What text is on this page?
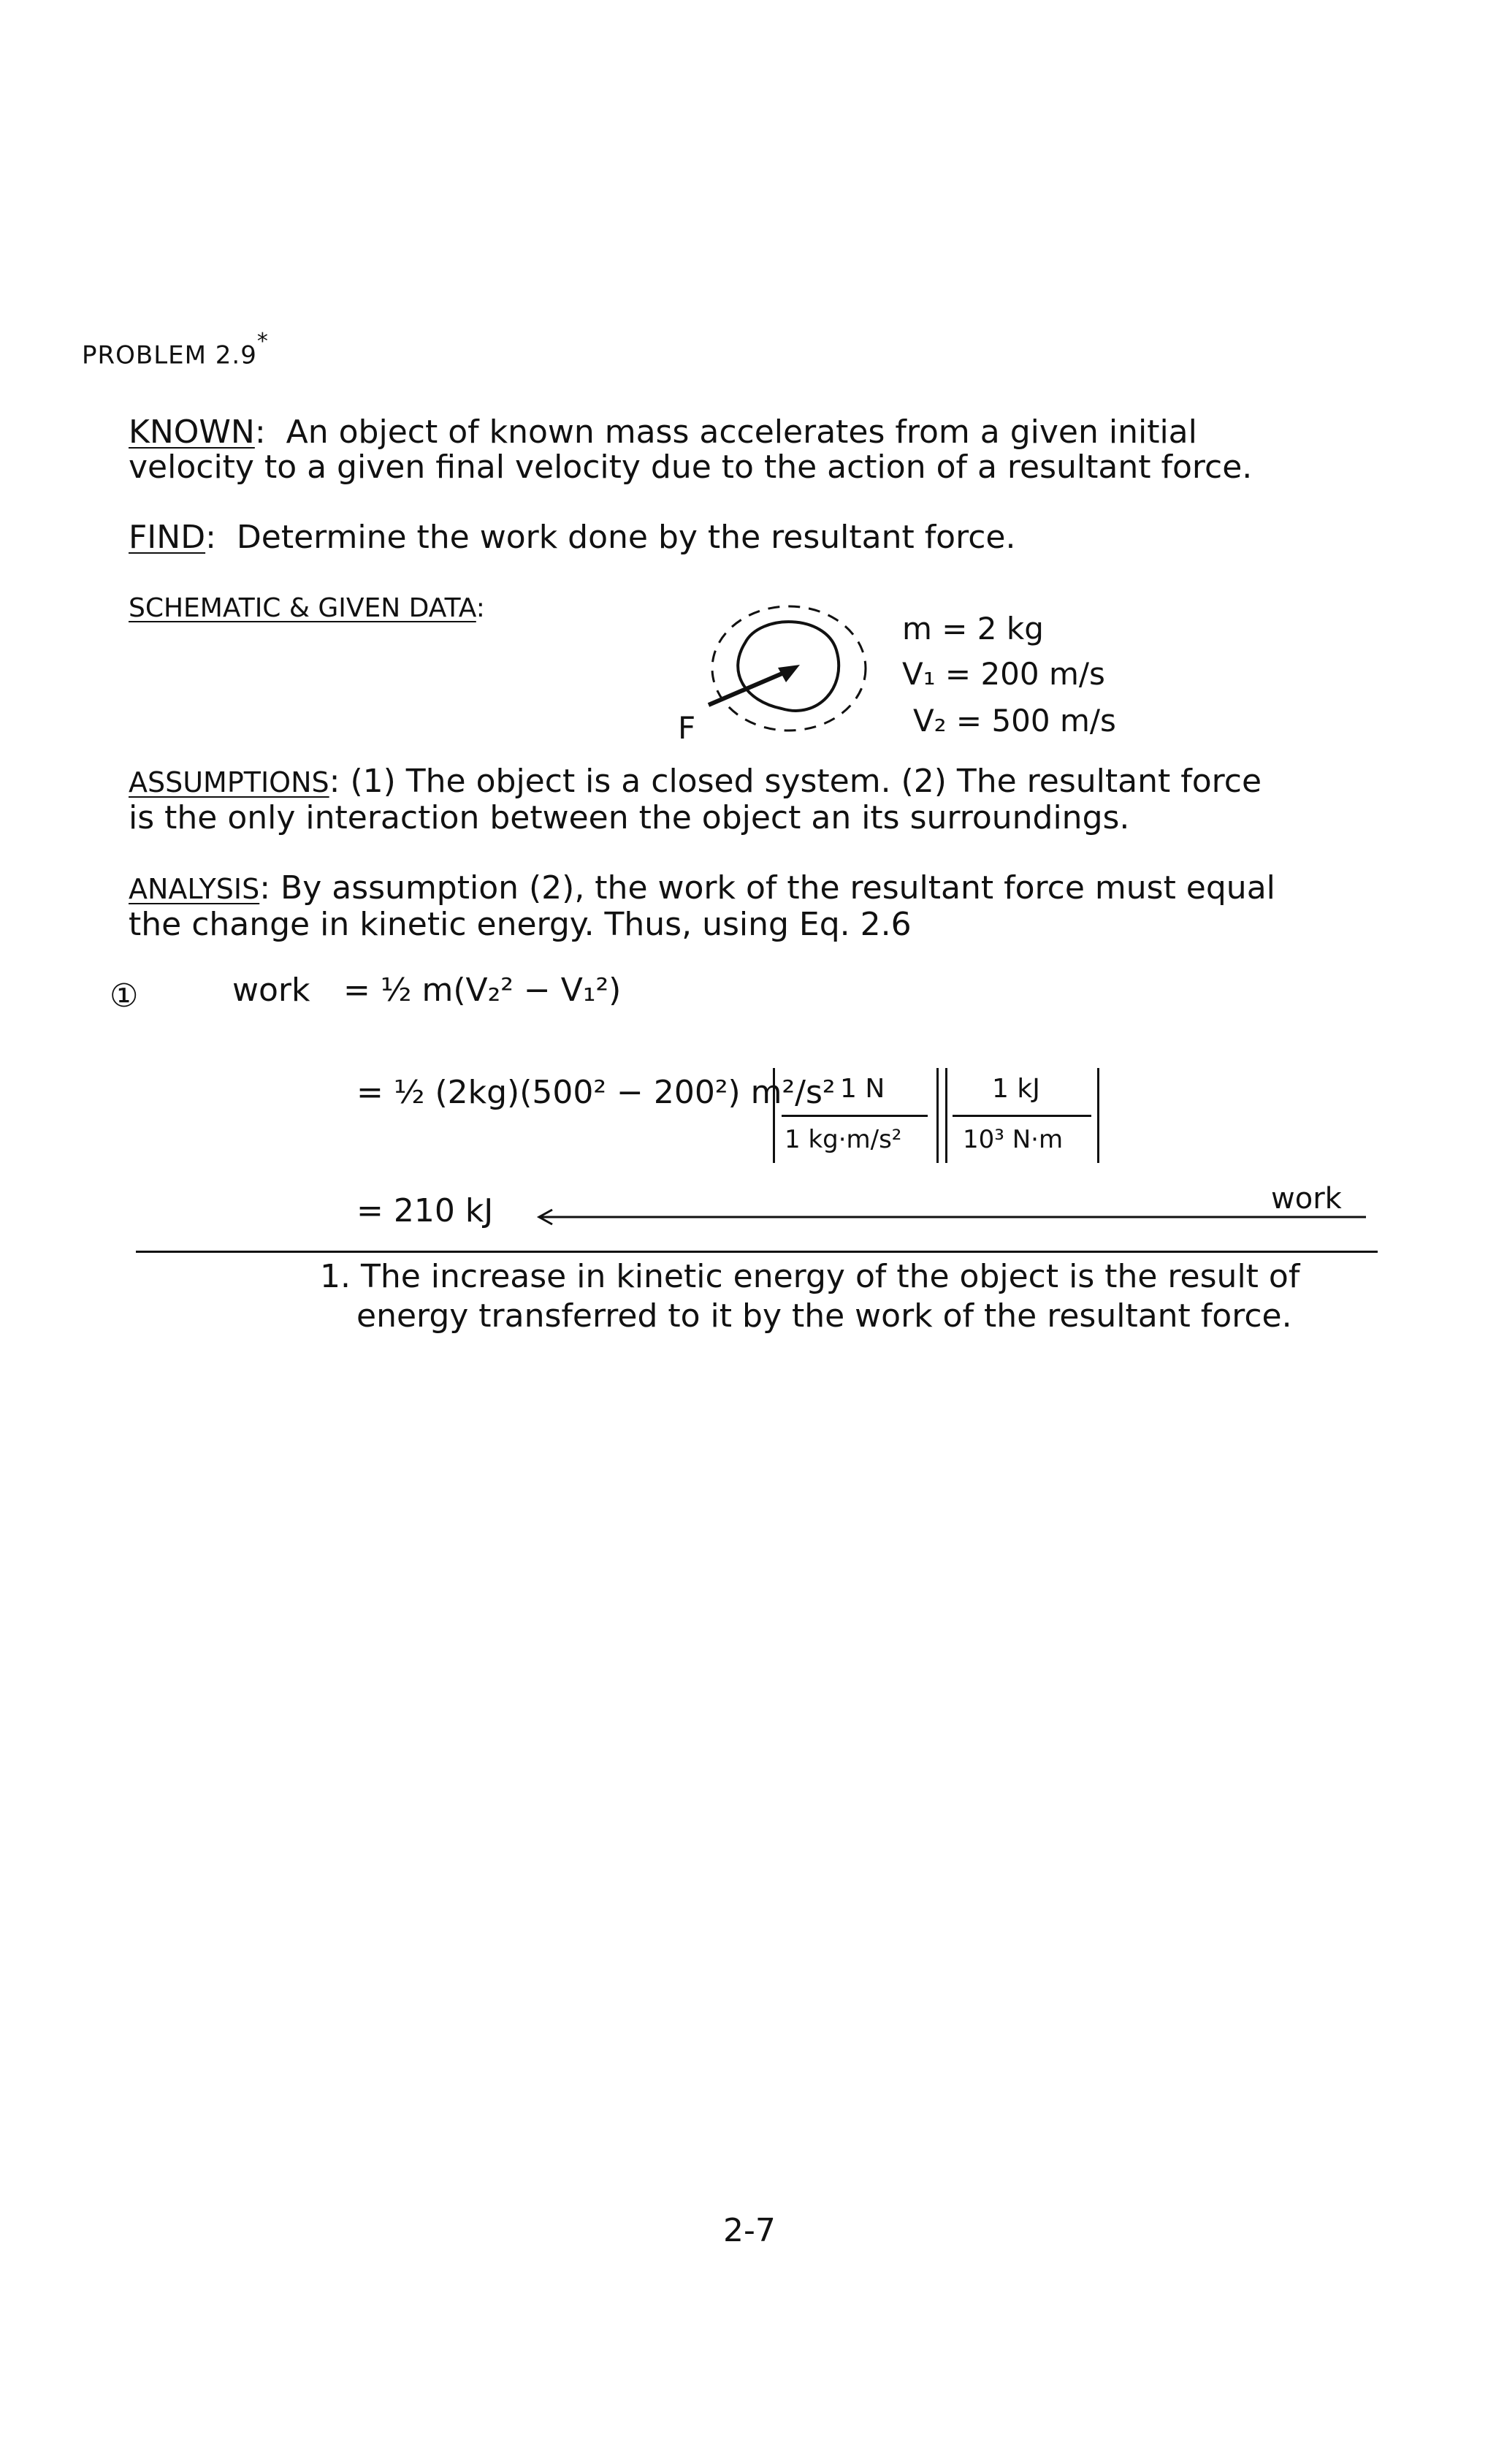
PROBLEM 2.9*
KNOWN: An object of known mass accelerates from a given initial
velocity to a given final velocity due to the action of a resultant force.
FIND: Determine the work done by the resultant force.
SCHEMATIC & GIVEN DATA:
F
m = 2 kg
V₁ = 200 m/s
V₂ = 500 m/s
ASSUMPTIONS: (1) The object is a closed system. (2) The resultant force
is the only interaction between the object an its surroundings.
ANALYSIS: By assumption (2), the work of the resultant force must equal
the change in kinetic energy. Thus, using Eq. 2.6
①	work = ½ m(V₂² − V₁²)
= ½ (2kg)(500² − 200²) m²/s² 1 N
1 kg·m/s²
1 kJ
10³ N·m
= 210 kJ	work
1. The increase in kinetic energy of the object is the result of
energy transferred to it by the work of the resultant force.
2-7
